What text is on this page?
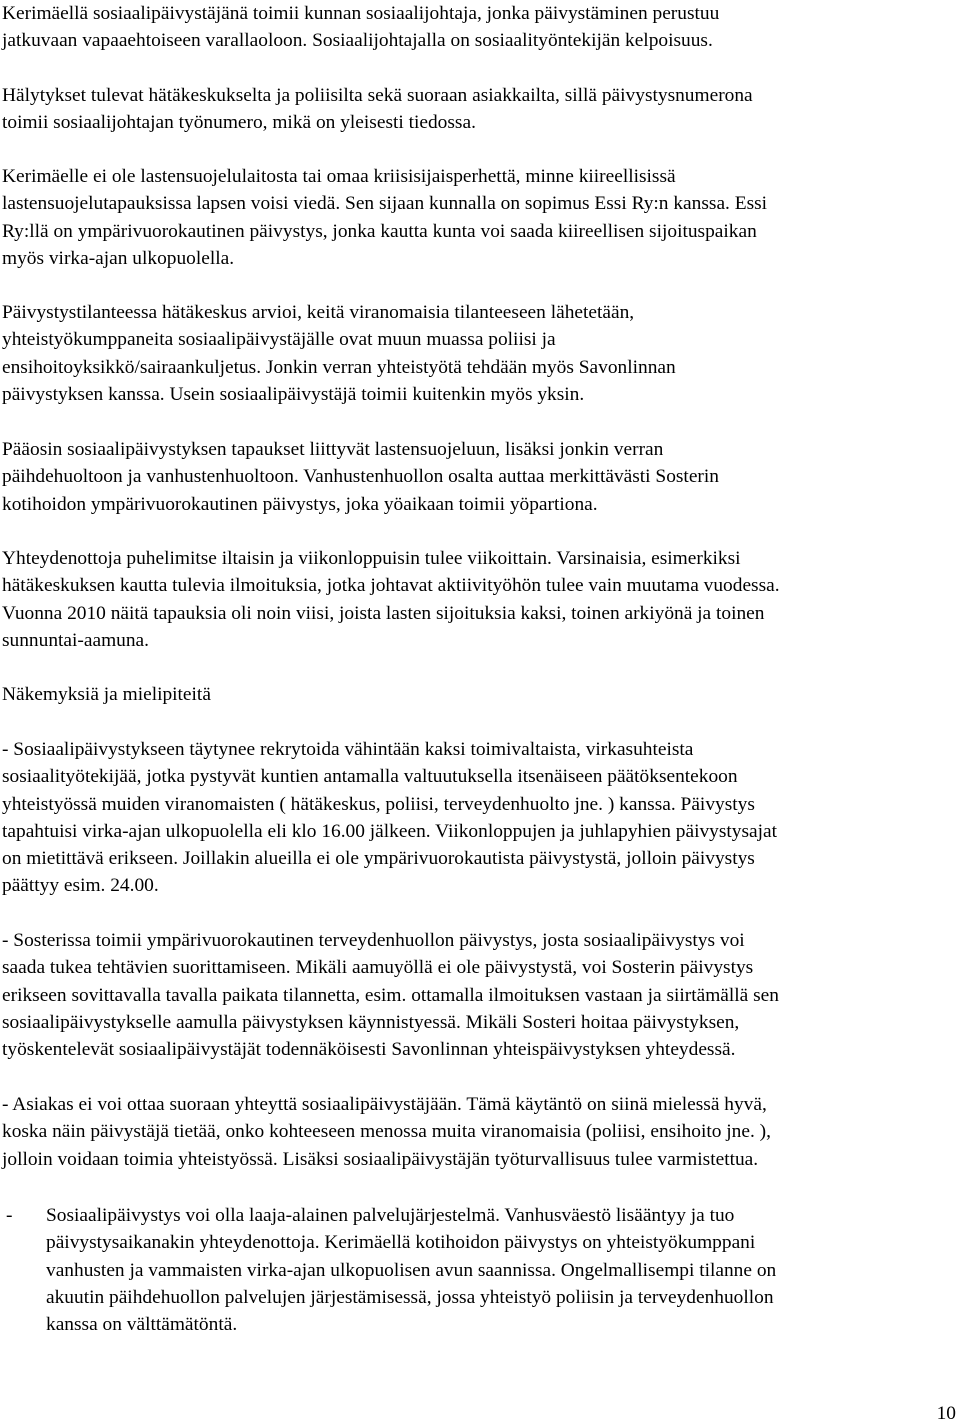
Kerimäellä sosiaalipäivystäjänä toimii kunnan sosiaalijohtaja, jonka päivystäminen perustuu
jatkuvaan vapaaehtoiseen varallaoloon. Sosiaalijohtajalla on sosiaalityöntekijän kelpoisuus.
Hälytykset tulevat hätäkeskukselta ja poliisilta sekä suoraan asiakkailta, sillä päivystysnumerona
toimii sosiaalijohtajan työnumero, mikä on yleisesti tiedossa.
Kerimäelle ei ole lastensuojelulaitosta tai omaa kriisisijaisperhettä, minne kiireellisissä
lastensuojelutapauksissa lapsen voisi viedä. Sen sijaan kunnalla on sopimus Essi Ry:n kanssa. Essi
Ry:llä on ympärivuorokautinen päivystys, jonka kautta kunta voi saada kiireellisen sijoituspaikan
myös virka-ajan ulkopuolella.
Päivystystilanteessa hätäkeskus arvioi, keitä viranomaisia tilanteeseen lähetetään,
yhteistyökumppaneita sosiaalipäivystäjälle ovat muun muassa poliisi ja
ensihoitoyksikkö/sairaankuljetus. Jonkin verran yhteistyötä tehdään myös Savonlinnan
päivystyksen kanssa. Usein sosiaalipäivystäjä toimii kuitenkin myös yksin.
Pääosin sosiaalipäivystyksen tapaukset liittyvät lastensuojeluun, lisäksi jonkin verran
päihdehuoltoon ja vanhustenhuoltoon. Vanhustenhuollon osalta auttaa merkittävästi Sosterin
kotihoidon ympärivuorokautinen päivystys, joka yöaikaan toimii yöpartiona.
Yhteydenottoja puhelimitse iltaisin ja viikonloppuisin tulee viikoittain. Varsinaisia, esimerkiksi
hätäkeskuksen kautta tulevia ilmoituksia, jotka johtavat aktiivityöhön tulee vain muutama vuodessa.
Vuonna 2010 näitä tapauksia oli noin viisi, joista lasten sijoituksia kaksi, toinen arkiyönä ja toinen
sunnuntai-aamuna.
Näkemyksiä ja mielipiteitä
- Sosiaalipäivystykseen täytynee rekrytoida vähintään kaksi toimivaltaista, virkasuhteista
sosiaalityötekijää, jotka pystyvät kuntien antamalla valtuutuksella itsenäiseen päätöksentekoon
yhteistyössä muiden viranomaisten ( hätäkeskus, poliisi, terveydenhuolto jne. ) kanssa. Päivystys
tapahtuisi virka-ajan ulkopuolella eli klo 16.00 jälkeen. Viikonloppujen ja juhlapyhien päivystysajat
on mietittävä erikseen. Joillakin alueilla ei ole ympärivuorokautista päivystystä, jolloin päivystys
päättyy esim. 24.00.
- Sosterissa toimii ympärivuorokautinen terveydenhuollon päivystys, josta sosiaalipäivystys voi
saada tukea tehtävien suorittamiseen. Mikäli aamuyöllä ei ole päivystystä, voi Sosterin päivystys
erikseen sovittavalla tavalla paikata tilannetta, esim. ottamalla ilmoituksen vastaan ja siirtämällä sen
sosiaalipäivystykselle aamulla päivystyksen käynnistyessä. Mikäli Sosteri hoitaa päivystyksen,
työskentelevät sosiaalipäivystäjät todennäköisesti Savonlinnan yhteispäivystyksen yhteydessä.
- Asiakas ei voi ottaa suoraan yhteyttä sosiaalipäivystäjään. Tämä käytäntö on siinä mielessä hyvä,
koska näin päivystäjä tietää, onko kohteeseen menossa muita viranomaisia (poliisi, ensihoito jne. ),
jolloin voidaan toimia yhteistyössä. Lisäksi sosiaalipäivystäjän työturvallisuus tulee varmistettua.
- Sosiaalipäivystys voi olla laaja-alainen palvelujärjestelmä. Vanhusväestö lisääntyy ja tuo
päivystysaikanakin yhteydenottoja. Kerimäellä kotihoidon päivystys on yhteistyökumppani
vanhusten ja vammaisten virka-ajan ulkopuolisen avun saannissa. Ongelmallisempi tilanne on
akuutin päihdehuollon palvelujen järjestämisessä, jossa yhteistyö poliisin ja terveydenhuollon
kanssa on välttämätöntä.
10
